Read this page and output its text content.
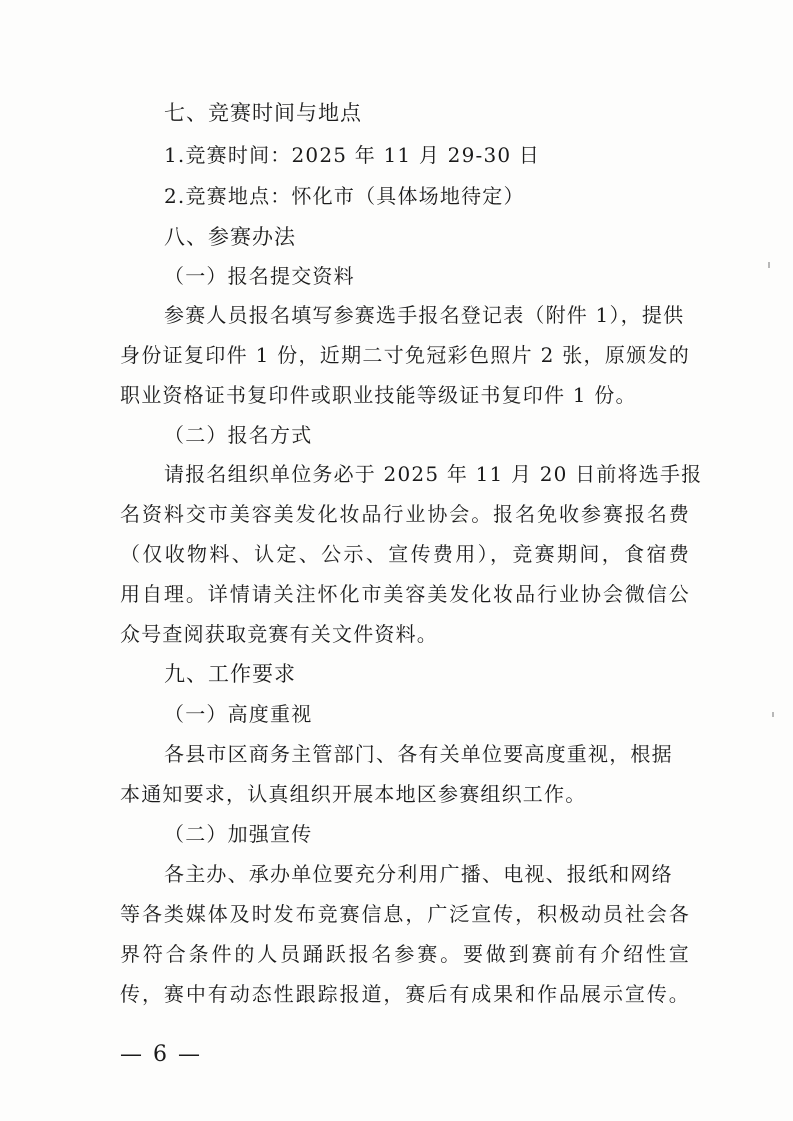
七、竞赛时间与地点
1.竞赛时间：2025 年 11 月 29-30 日
2.竞赛地点：怀化市（具体场地待定）
八、参赛办法
（一）报名提交资料
参赛人员报名填写参赛选手报名登记表（附件 1），提供
身份证复印件 1 份，近期二寸免冠彩色照片 2 张，原颁发的
职业资格证书复印件或职业技能等级证书复印件 1 份。
（二）报名方式
请报名组织单位务必于 2025 年 11 月 20 日前将选手报
名资料交市美容美发化妆品行业协会。报名免收参赛报名费
（仅收物料、认定、公示、宣传费用），竞赛期间，食宿费
用自理。详情请关注怀化市美容美发化妆品行业协会微信公
众号查阅获取竞赛有关文件资料。
九、工作要求
（一）高度重视
各县市区商务主管部门、各有关单位要高度重视，根据
本通知要求，认真组织开展本地区参赛组织工作。
（二）加强宣传
各主办、承办单位要充分利用广播、电视、报纸和网络
等各类媒体及时发布竞赛信息，广泛宣传，积极动员社会各
界符合条件的人员踊跃报名参赛。要做到赛前有介绍性宣
传，赛中有动态性跟踪报道，赛后有成果和作品展示宣传。
— 6 —
